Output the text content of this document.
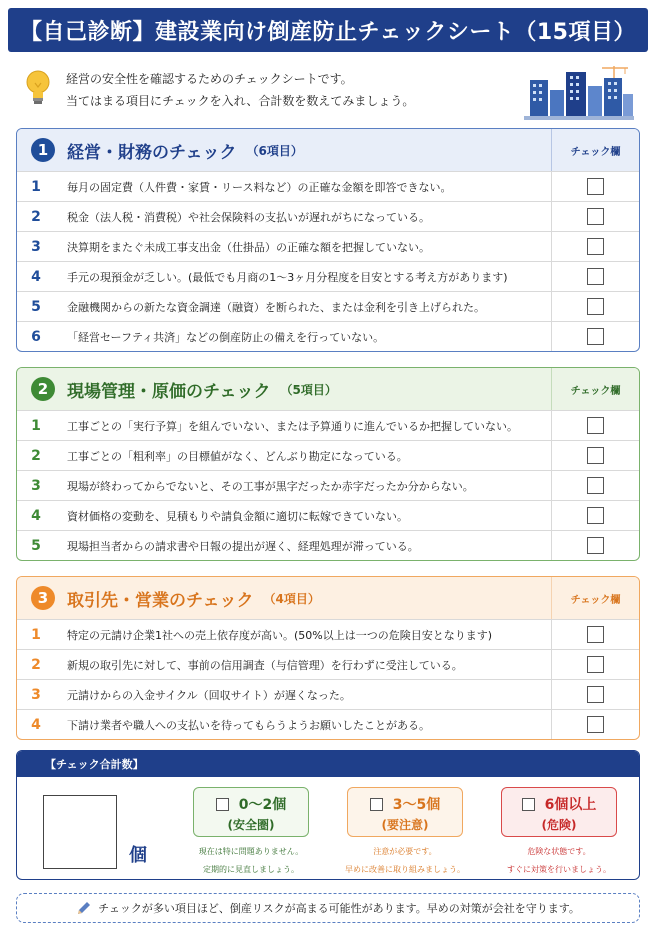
【自己診断】建設業向け倒産防止チェックシート（15項目）
経営の安全性を確認するためのチェックシートです。
当てはまる項目にチェックを入れ、合計数を数えてみましょう。
1	経営・財務のチェック （6項目）	チェック欄
1	毎月の固定費（人件費・家賃・リース料など）の正確な金額を即答できない。
2	税金（法人税・消費税）や社会保険料の支払いが遅れがちになっている。
3	決算期をまたぐ未成工事支出金（仕掛品）の正確な額を把握していない。
4	手元の現預金が乏しい。(最低でも月商の1～3ヶ月分程度を目安とする考え方があります)
5	金融機関からの新たな資金調達（融資）を断られた、または金利を引き上げられた。
6	「経営セーフティ共済」などの倒産防止の備えを行っていない。
2	現場管理・原価のチェック （5項目）	チェック欄
1	工事ごとの「実行予算」を組んでいない、または予算通りに進んでいるか把握していない。
2	工事ごとの「粗利率」の目標値がなく、どんぶり勘定になっている。
3	現場が終わってからでないと、その工事が黒字だったか赤字だったか分からない。
4	資材価格の変動を、見積もりや請負金額に適切に転嫁できていない。
5	現場担当者からの請求書や日報の提出が遅く、経理処理が滞っている。
3	取引先・営業のチェック （4項目）	チェック欄
1	特定の元請け企業1社への売上依存度が高い。(50%以上は一つの危険目安となります)
2	新規の取引先に対して、事前の信用調査（与信管理）を行わずに受注している。
3	元請けからの入金サイクル（回収サイト）が遅くなった。
4	下請け業者や職人への支払いを待ってもらうようお願いしたことがある。
【チェック合計数】
個
0～2個
(安全圏)
現在は特に問題ありません。
定期的に見直しましょう。
3～5個
(要注意)
注意が必要です。
早めに改善に取り組みましょう。
6個以上
(危険)
危険な状態です。
すぐに対策を行いましょう。
チェックが多い項目ほど、倒産リスクが高まる可能性があります。早めの対策が会社を守ります。
